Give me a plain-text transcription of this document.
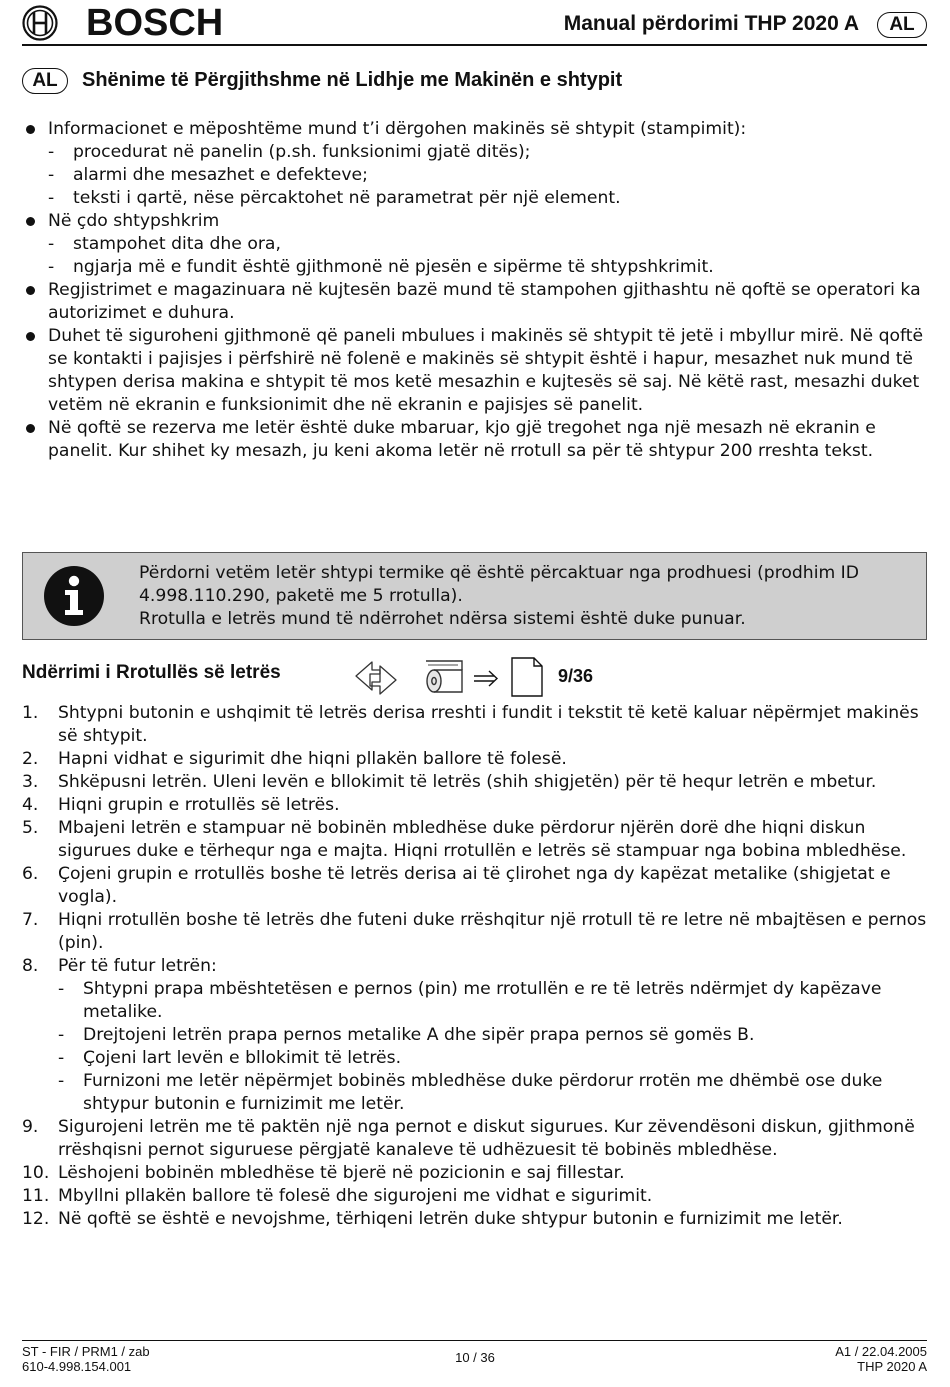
BOSCH	Manual përdorimi THP 2020 A	AL
AL	Shënime të Përgjithshme në Lidhje me Makinën e shtypit
Informacionet e mëposhtëme mund t’i dërgohen makinës së shtypit (stampimit):
- procedurat në panelin (p.sh. funksionimi gjatë ditës);
- alarmi dhe mesazhet e defekteve;
- teksti i qartë, nëse përcaktohet në parametrat për një element.
Në çdo shtypshkrim
- stampohet dita dhe ora,
- ngjarja më e fundit është gjithmonë në pjesën e sipërme të shtypshkrimit.
Regjistrimet e magazinuara në kujtesën bazë mund të stampohen gjithashtu në qoftë se operatori ka autorizimet e duhura.
Duhet të siguroheni gjithmonë që paneli mbulues i makinës së shtypit të jetë i mbyllur mirë. Në qoftë se kontakti i pajisjes i përfshirë në folenë e makinës së shtypit është i hapur, mesazhet nuk mund të shtypen derisa makina e shtypit të mos ketë mesazhin e kujtesës së saj. Në këtë rast, mesazhi duket vetëm në ekranin e funksionimit dhe në ekranin e pajisjes së panelit.
Në qoftë se rezerva me letër është duke mbaruar, kjo gjë tregohet nga një mesazh në ekranin e panelit. Kur shihet ky mesazh, ju keni akoma letër në rrotull sa për të shtypur 200 rreshta tekst.

Përdorni vetëm letër shtypi termike që është përcaktuar nga prodhuesi (prodhim ID 4.998.110.290, paketë me 5 rrotulla).

Rrotulla e letrës mund të ndërrohet ndërsa sistemi është duke punuar.

Ndërrimi i Rrotullës së letrës	9/36
1. Shtypni butonin e ushqimit të letrës derisa rreshti i fundit i tekstit të ketë kaluar nëpërmjet makinës së shtypit.
2. Hapni vidhat e sigurimit dhe hiqni pllakën ballore të folesë.
3. Shkëpusni letrën. Uleni levën e bllokimit të letrës (shih shigjetën) për të hequr letrën e mbetur.
4. Hiqni grupin e rrotullës së letrës.
5. Mbajeni letrën e stampuar në bobinën mbledhëse duke përdorur njërën dorë dhe hiqni diskun sigurues duke e tërhequr nga e majta. Hiqni rrotullën e letrës së stampuar nga bobina mbledhëse.
6. Çojeni grupin e rrotullës boshe të letrës derisa ai të çlirohet nga dy kapëzat metalike (shigjetat e vogla).
7. Hiqni rrotullën boshe të letrës dhe futeni duke rrëshqitur një rrotull të re letre në mbajtësen e pernos (pin).
8. Për të futur letrën:
- Shtypni prapa mbështetësen e pernos (pin) me rrotullën e re të letrës ndërmjet dy kapëzave metalike.
- Drejtojeni letrën prapa pernos metalike A dhe sipër prapa pernos së gomës B.
- Çojeni lart levën e bllokimit të letrës.
- Furnizoni me letër nëpërmjet bobinës mbledhëse duke përdorur rrotën me dhëmbë ose duke shtypur butonin e furnizimit me letër.
9. Sigurojeni letrën me të paktën një nga pernot e diskut sigurues. Kur zëvendësoni diskun, gjithmonë rrëshqisni pernot siguruese përgjatë kanaleve të udhëzuesit të bobinës mbledhëse.
10. Lëshojeni bobinën mbledhëse të bjerë në pozicionin e saj fillestar.
11. Mbyllni pllakën ballore të folesë dhe sigurojeni me vidhat e sigurimit.
12. Në qoftë se është e nevojshme, tërhiqeni letrën duke shtypur butonin e furnizimit me letër.
ST - FIR / PRM1 / zab
610-4.998.154.001
10 / 36	A1 / 22.04.2005
THP 2020 A
